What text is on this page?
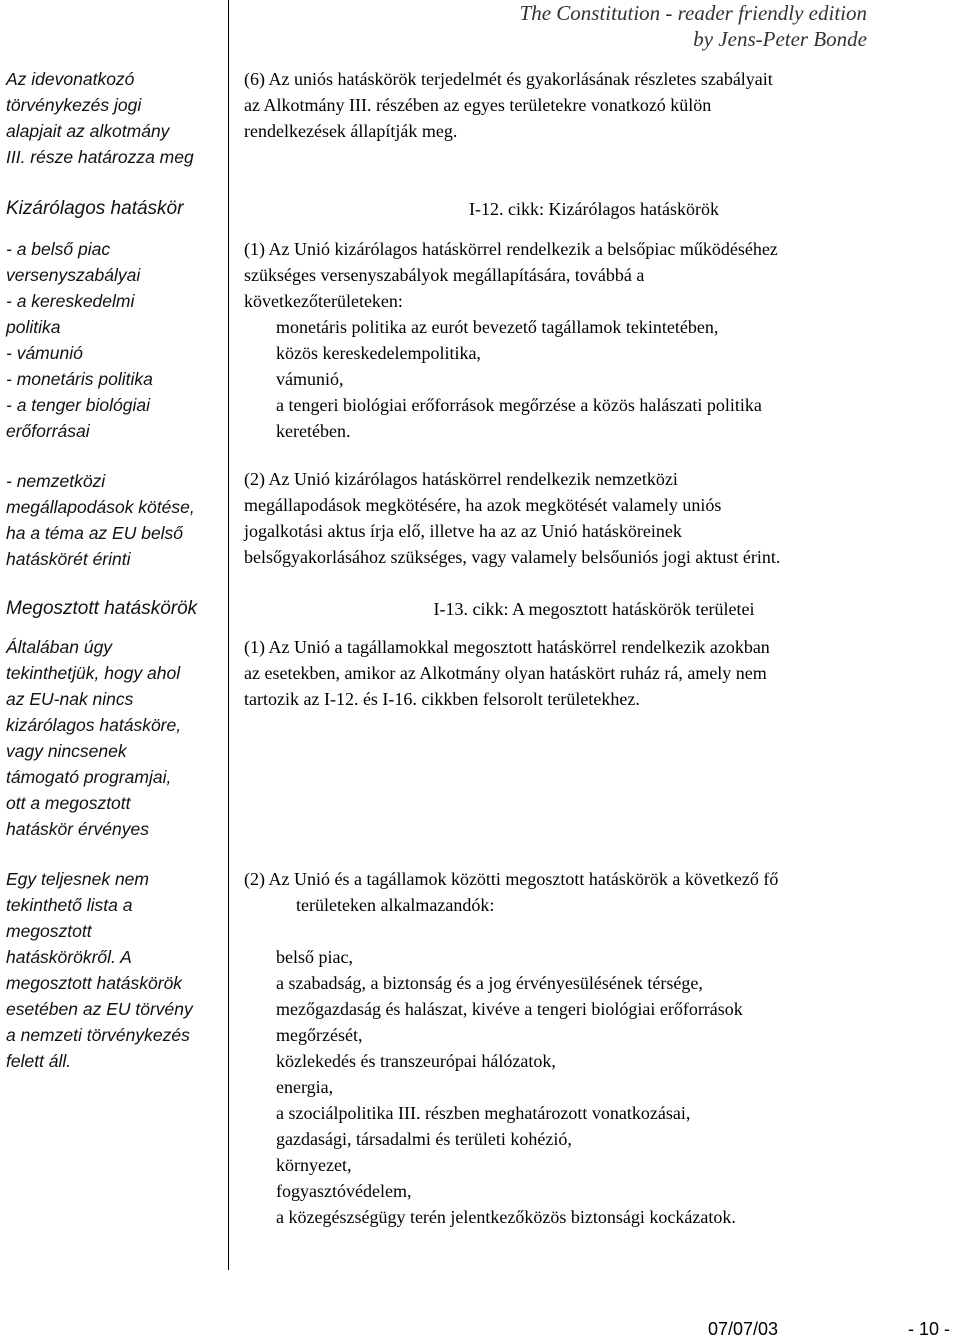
The Constitution - reader friendly edition
by Jens-Peter Bonde
Az idevonatkozó
törvénykezés jogi
alapjait az alkotmány
III. része határozza meg
Kizárólagos hatáskör
- a belső piac
versenyszabályai
- a kereskedelmi
politika
- vámunió
- monetáris politika
- a tenger biológiai
erőforrásai
- nemzetközi
megállapodások kötése,
ha a téma az EU belső
hatáskörét érinti
Megosztott hatáskörök
Általában úgy
tekinthetjük, hogy ahol
az EU-nak nincs
kizárólagos hatásköre,
vagy nincsenek
támogató programjai,
ott a megosztott
hatáskör érvényes
Egy teljesnek nem
tekinthető lista a
megosztott
hatáskörökről. A
megosztott hatáskörök
esetében az EU törvény
a nemzeti törvénykezés
felett áll.
(6) Az uniós hatáskörök terjedelmét és gyakorlásának részletes szabályait
az Alkotmány III. részében az egyes területekre vonatkozó külön
rendelkezések állapítják meg.
I-12. cikk: Kizárólagos hatáskörök
(1) Az Unió kizárólagos hatáskörrel rendelkezik a belsőpiac működéséhez
szükséges versenyszabályok megállapítására, továbbá a
következőterületeken:
monetáris politika az eurót bevezető tagállamok tekintetében,
közös kereskedelempolitika,
vámunió,
a tengeri biológiai erőforrások megőrzése a közös halászati politika
keretében.
(2) Az Unió kizárólagos hatáskörrel rendelkezik nemzetközi
megállapodások megkötésére, ha azok megkötését valamely uniós
jogalkotási aktus írja elő, illetve ha az az Unió hatásköreinek
belsőgyakorlásához szükséges, vagy valamely belsőuniós jogi aktust érint.
I-13. cikk: A megosztott hatáskörök területei
(1) Az Unió a tagállamokkal megosztott hatáskörrel rendelkezik azokban
az esetekben, amikor az Alkotmány olyan hatáskört ruház rá, amely nem
tartozik az I-12. és I-16. cikkben felsorolt területekhez.
(2) Az Unió és a tagállamok közötti megosztott hatáskörök a következő fő
területeken alkalmazandók:
belső piac,
a szabadság, a biztonság és a jog érvényesülésének térsége,
mezőgazdaság és halászat, kivéve a tengeri biológiai erőforrások
megőrzését,
közlekedés és transzeurópai hálózatok,
energia,
a szociálpolitika III. részben meghatározott vonatkozásai,
gazdasági, társadalmi és területi kohézió,
környezet,
fogyasztóvédelem,
a közegészségügy terén jelentkezőközös biztonsági kockázatok.
07/07/03	- 10 -
